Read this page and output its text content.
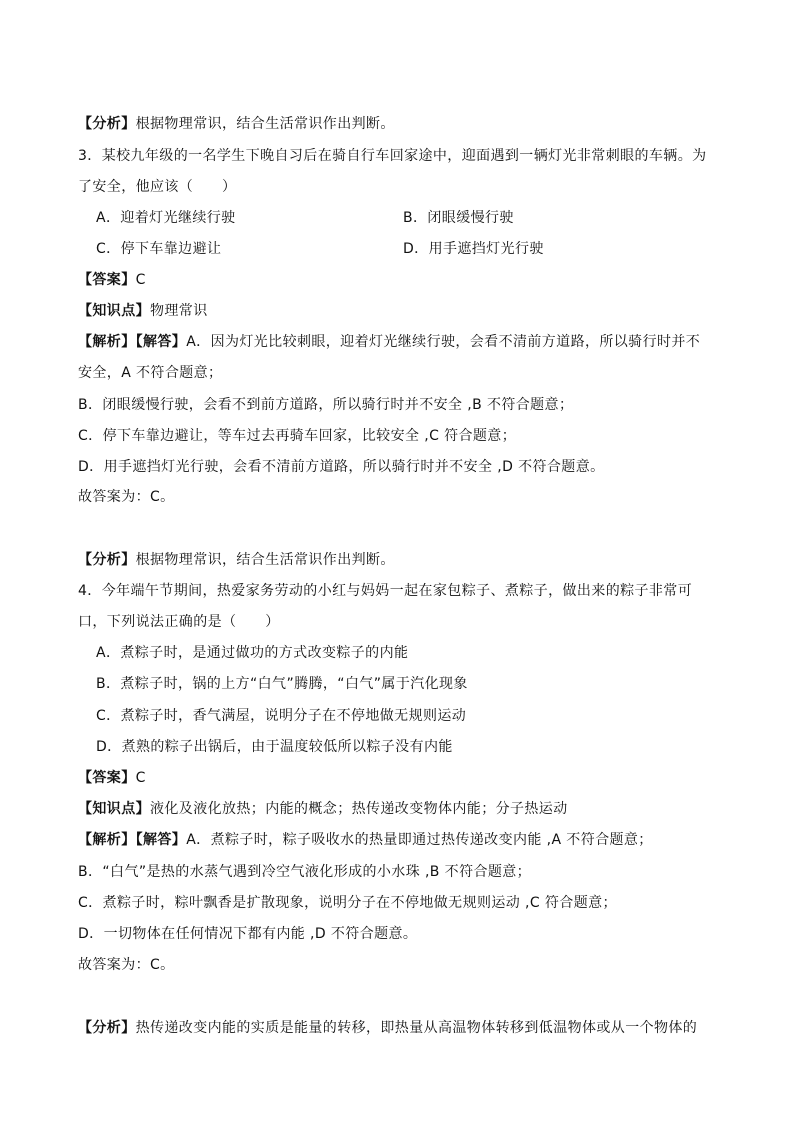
【分析】根据物理常识，结合生活常识作出判断。
3．某校九年级的一名学生下晚自习后在骑自行车回家途中，迎面遇到一辆灯光非常刺眼的车辆。为
了安全，他应该（　　）
A．迎着灯光继续行驶	B．闭眼缓慢行驶
C．停下车靠边避让	D．用手遮挡灯光行驶
【答案】C
【知识点】物理常识
【解析】【解答】A．因为灯光比较刺眼，迎着灯光继续行驶，会看不清前方道路，所以骑行时并不
安全，A 不符合题意；
B．闭眼缓慢行驶，会看不到前方道路，所以骑行时并不安全 ,B 不符合题意；
C．停下车靠边避让，等车过去再骑车回家，比较安全 ,C 符合题意；
D．用手遮挡灯光行驶，会看不清前方道路，所以骑行时并不安全 ,D 不符合题意。
故答案为：C。
【分析】根据物理常识，结合生活常识作出判断。
4．今年端午节期间，热爱家务劳动的小红与妈妈一起在家包粽子、煮粽子，做出来的粽子非常可
口，下列说法正确的是（　　）
A．煮粽子时，是通过做功的方式改变粽子的内能
B．煮粽子时，锅的上方“白气”腾腾，“白气”属于汽化现象
C．煮粽子时，香气满屋，说明分子在不停地做无规则运动
D．煮熟的粽子出锅后，由于温度较低所以粽子没有内能
【答案】C
【知识点】液化及液化放热；内能的概念；热传递改变物体内能；分子热运动
【解析】【解答】A．煮粽子时，粽子吸收水的热量即通过热传递改变内能 ,A 不符合题意；
B．“白气”是热的水蒸气遇到冷空气液化形成的小水珠 ,B 不符合题意；
C．煮粽子时，粽叶飘香是扩散现象，说明分子在不停地做无规则运动 ,C 符合题意；
D．一切物体在任何情况下都有内能 ,D 不符合题意。
故答案为：C。
【分析】热传递改变内能的实质是能量的转移，即热量从高温物体转移到低温物体或从一个物体的
